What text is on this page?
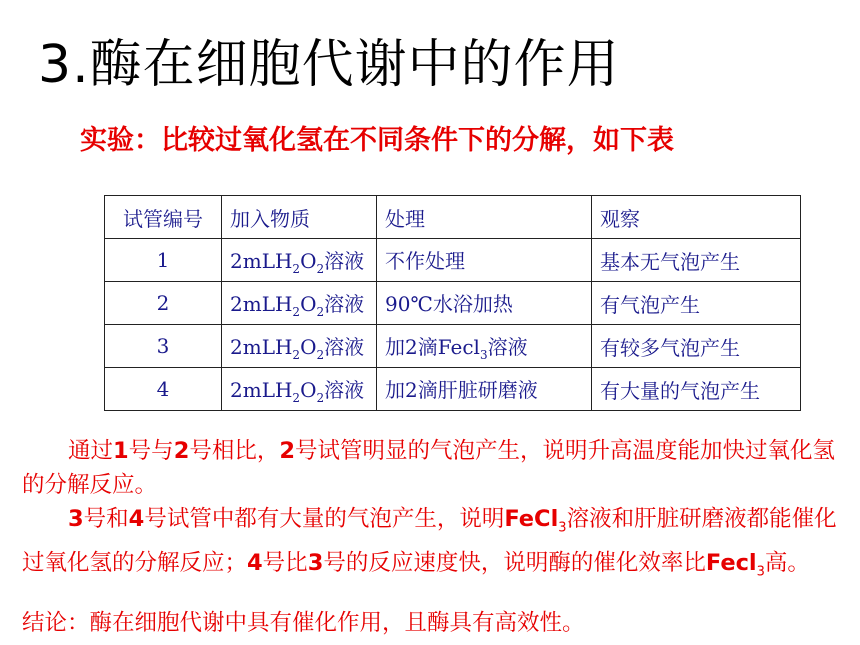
3.酶在细胞代谢中的作用
实验：比较过氧化氢在不同条件下的分解，如下表
试管编号	加入物质	处理	观察
1	$2mLH_2O_2$溶液	不作处理	基本无气泡产生
2	$2mLH_2O_2$溶液	90℃水浴加热	有气泡产生
3	$2mLH_2O_2$溶液	加2滴Fecl$_3$溶液	有较多气泡产生
4	$2mLH_2O_2$溶液	加2滴肝脏研磨液	有大量的气泡产生
通过1号与2号相比，2号试管明显的气泡产生，说明升高温度能加快过氧化氢的分解反应。
3号和4号试管中都有大量的气泡产生，说明FeCl$_3$溶液和肝脏研磨液都能催化过氧化氢的分解反应；4号比3号的反应速度快，说明酶的催化效率比Fecl$_3$高。
结论：酶在细胞代谢中具有催化作用，且酶具有高效性。
